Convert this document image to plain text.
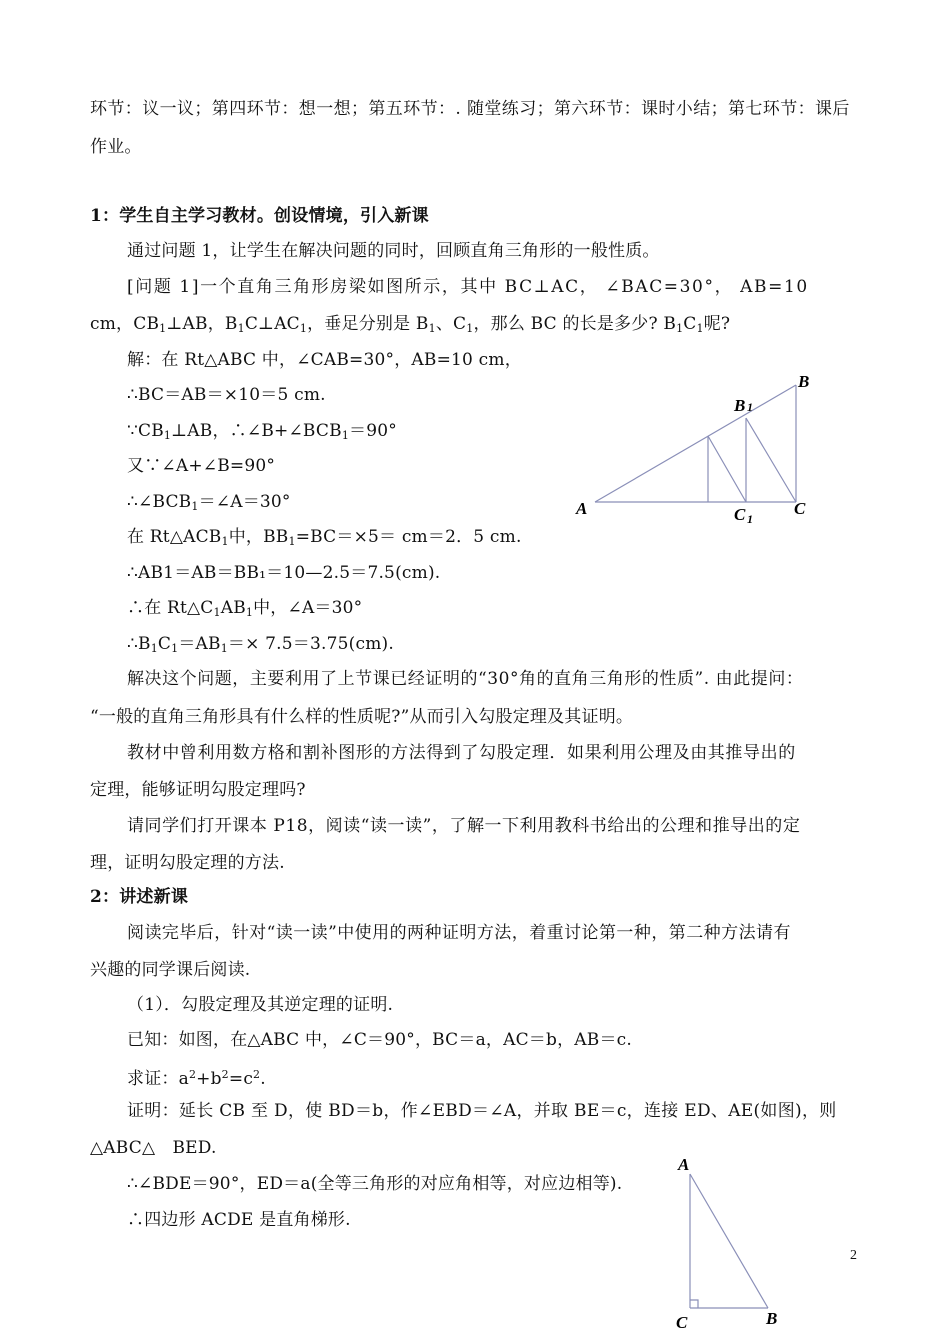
环节：议一议；第四环节：想一想；第五环节：. 随堂练习；第六环节：课时小结；第七环节：课后
作业。
1：学生自主学习教材。创设情境，引入新课
通过问题 1，让学生在解决问题的同时，回顾直角三角形的一般性质。
[问题 1]一个直角三角形房梁如图所示，其中 BC⊥AC， ∠BAC=30°， AB=10
cm，$CB_1\perp AB$，$B_1C\perp AC_1$，垂足分别是 $B_1$、$C_1$，那么 BC 的长是多少? $B_1C_1$呢?
解：在 Rt△ABC 中，∠CAB=30°，AB=10 cm，
∴BC＝AB＝×10＝5 cm.
$\because CB_1\perp AB$，$\therefore\angle B+\angle BCB_1=90^\circ$
又∵∠A+∠B=90°
$\therefore\angle BCB_1=\angle A=30^\circ$
在 $Rt\triangle ACB_1$中，$BB_1=BC=\times 5= cm=2$．5 cm.
∴AB1＝AB＝BB₁＝10—2.5＝7.5(cm).
∴在 $Rt\triangle C_1AB_1$中，∠A＝30°
$\therefore B_1C_1=AB_1=\times 7.5=3.75(cm)$.
解决这个问题，主要利用了上节课已经证明的“30°角的直角三角形的性质”. 由此提问：
“一般的直角三角形具有什么样的性质呢?”从而引入勾股定理及其证明。
教材中曾利用数方格和割补图形的方法得到了勾股定理．如果利用公理及由其推导出的
定理，能够证明勾股定理吗?
请同学们打开课本 P18，阅读“读一读”，了解一下利用教科书给出的公理和推导出的定
理，证明勾股定理的方法.
2：讲述新课
阅读完毕后，针对“读一读”中使用的两种证明方法，着重讨论第一种，第二种方法请有
兴趣的同学课后阅读.
（1）．勾股定理及其逆定理的证明.
已知：如图，在△ABC 中，∠C＝90°，BC＝a，AC＝b，AB＝c.
求证：$a^2+b^2=c^2$.
证明：延长 CB 至 D，使 BD＝b，作∠EBD＝∠A，并取 BE＝c，连接 ED、AE(如图)，则
△ABC△　BED.
∴∠BDE＝90°，ED＝a(全等三角形的对应角相等，对应边相等).
∴四边形 ACDE 是直角梯形.
A
B
C
B 1
C 1
A
B
C
2
